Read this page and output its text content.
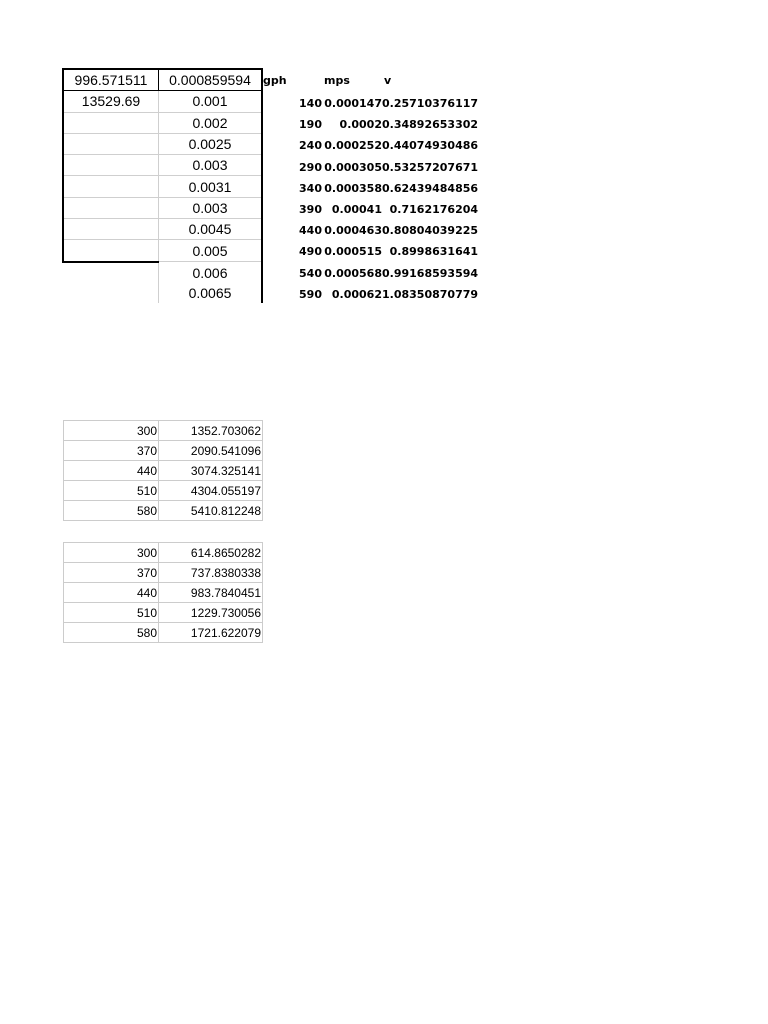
996.571511	0.000859594
13529.69	0.001
	0.002
	0.0025
	0.003
	0.0031
	0.003
	0.0045
	0.005
	0.006
	0.0065
gph	mps	v
140	0.000147	0.25710376117
190	0.0002	0.34892653302
240	0.000252	0.44074930486
290	0.000305	0.53257207671
340	0.000358	0.62439484856
390	0.00041	0.7162176204
440	0.000463	0.80804039225
490	0.000515	0.8998631641
540	0.000568	0.99168593594
590	0.00062	1.08350870779
300	1352.703062
370	2090.541096
440	3074.325141
510	4304.055197
580	5410.812248
300	614.8650282
370	737.8380338
440	983.7840451
510	1229.730056
580	1721.622079
